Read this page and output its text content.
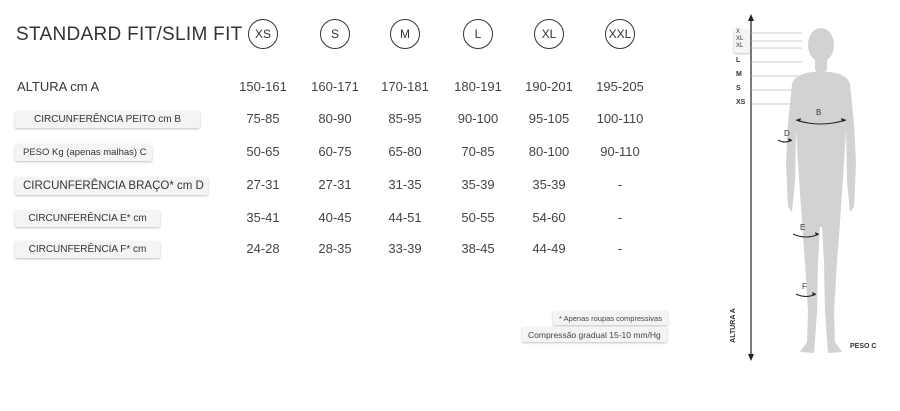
STANDARD FIT/SLIM FIT	XS	S	M	L	XL	XXL
ALTURA cm A	150-161	160-171	170-181	180-191	190-201	195-205
CIRCUNFERÊNCIA PEITO cm B	75-85	80-90	85-95	90-100	95-105	100-110
PESO Kg (apenas malhas) C	50-65	60-75	65-80	70-85	80-100	90-110
CIRCUNFERÊNCIA BRAÇO* cm D	27-31	27-31	31-35	35-39	35-39	-
CIRCUNFERÊNCIA E* cm	35-41	40-45	44-51	50-55	54-60	-
CIRCUNFERÊNCIA F* cm	24-28	28-35	33-39	38-45	44-49	-
* Apenas roupas compressivas
Compressão gradual 15-10 mm/Hg
X
XL
XL
L
M
S
XS
B
D
E
F
ALTURA A
PESO C
